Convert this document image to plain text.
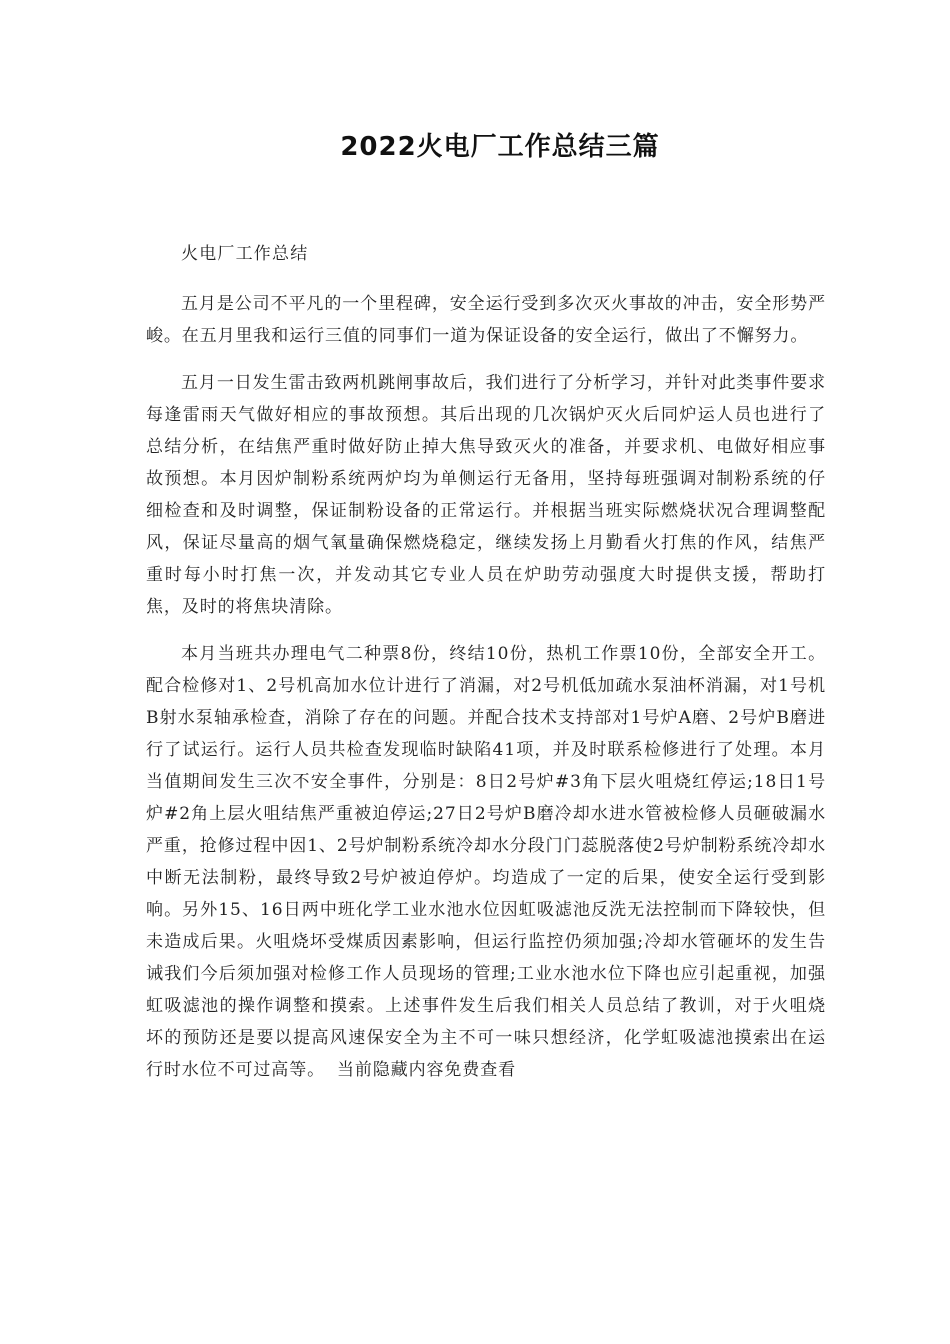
2022火电厂工作总结三篇

火电厂工作总结

五月是公司不平凡的一个里程碑，安全运行受到多次灭火事故的冲击，安全形势严峻。在五月里我和运行三值的同事们一道为保证设备的安全运行，做出了不懈努力。

五月一日发生雷击致两机跳闸事故后，我们进行了分析学习，并针对此类事件要求每逢雷雨天气做好相应的事故预想。其后出现的几次锅炉灭火后同炉运人员也进行了总结分析，在结焦严重时做好防止掉大焦导致灭火的准备，并要求机、电做好相应事故预想。本月因炉制粉系统两炉均为单侧运行无备用，坚持每班强调对制粉系统的仔细检查和及时调整，保证制粉设备的正常运行。并根据当班实际燃烧状况合理调整配风，保证尽量高的烟气氧量确保燃烧稳定，继续发扬上月勤看火打焦的作风，结焦严重时每小时打焦一次，并发动其它专业人员在炉助劳动强度大时提供支援，帮助打焦，及时的将焦块清除。

本月当班共办理电气二种票8份，终结10份，热机工作票10份，全部安全开工。配合检修对1、2号机高加水位计进行了消漏，对2号机低加疏水泵油杯消漏，对1号机B射水泵轴承检查，消除了存在的问题。并配合技术支持部对1号炉A磨、2号炉B磨进行了试运行。运行人员共检查发现临时缺陷41项，并及时联系检修进行了处理。本月当值期间发生三次不安全事件，分别是：8日2号炉#3角下层火咀烧红停运;18日1号炉#2角上层火咀结焦严重被迫停运;27日2号炉B磨冷却水进水管被检修人员砸破漏水严重，抢修过程中因1、2号炉制粉系统冷却水分段门门蕊脱落使2号炉制粉系统冷却水中断无法制粉，最终导致2号炉被迫停炉。均造成了一定的后果，使安全运行受到影响。另外15、16日两中班化学工业水池水位因虹吸滤池反洗无法控制而下降较快，但未造成后果。火咀烧坏受煤质因素影响，但运行监控仍须加强;冷却水管砸坏的发生告诫我们今后须加强对检修工作人员现场的管理;工业水池水位下降也应引起重视，加强虹吸滤池的操作调整和摸索。上述事件发生后我们相关人员总结了教训，对于火咀烧坏的预防还是要以提高风速保安全为主不可一味只想经济，化学虹吸滤池摸索出在运行时水位不可过高等。 当前隐藏内容免费查看
